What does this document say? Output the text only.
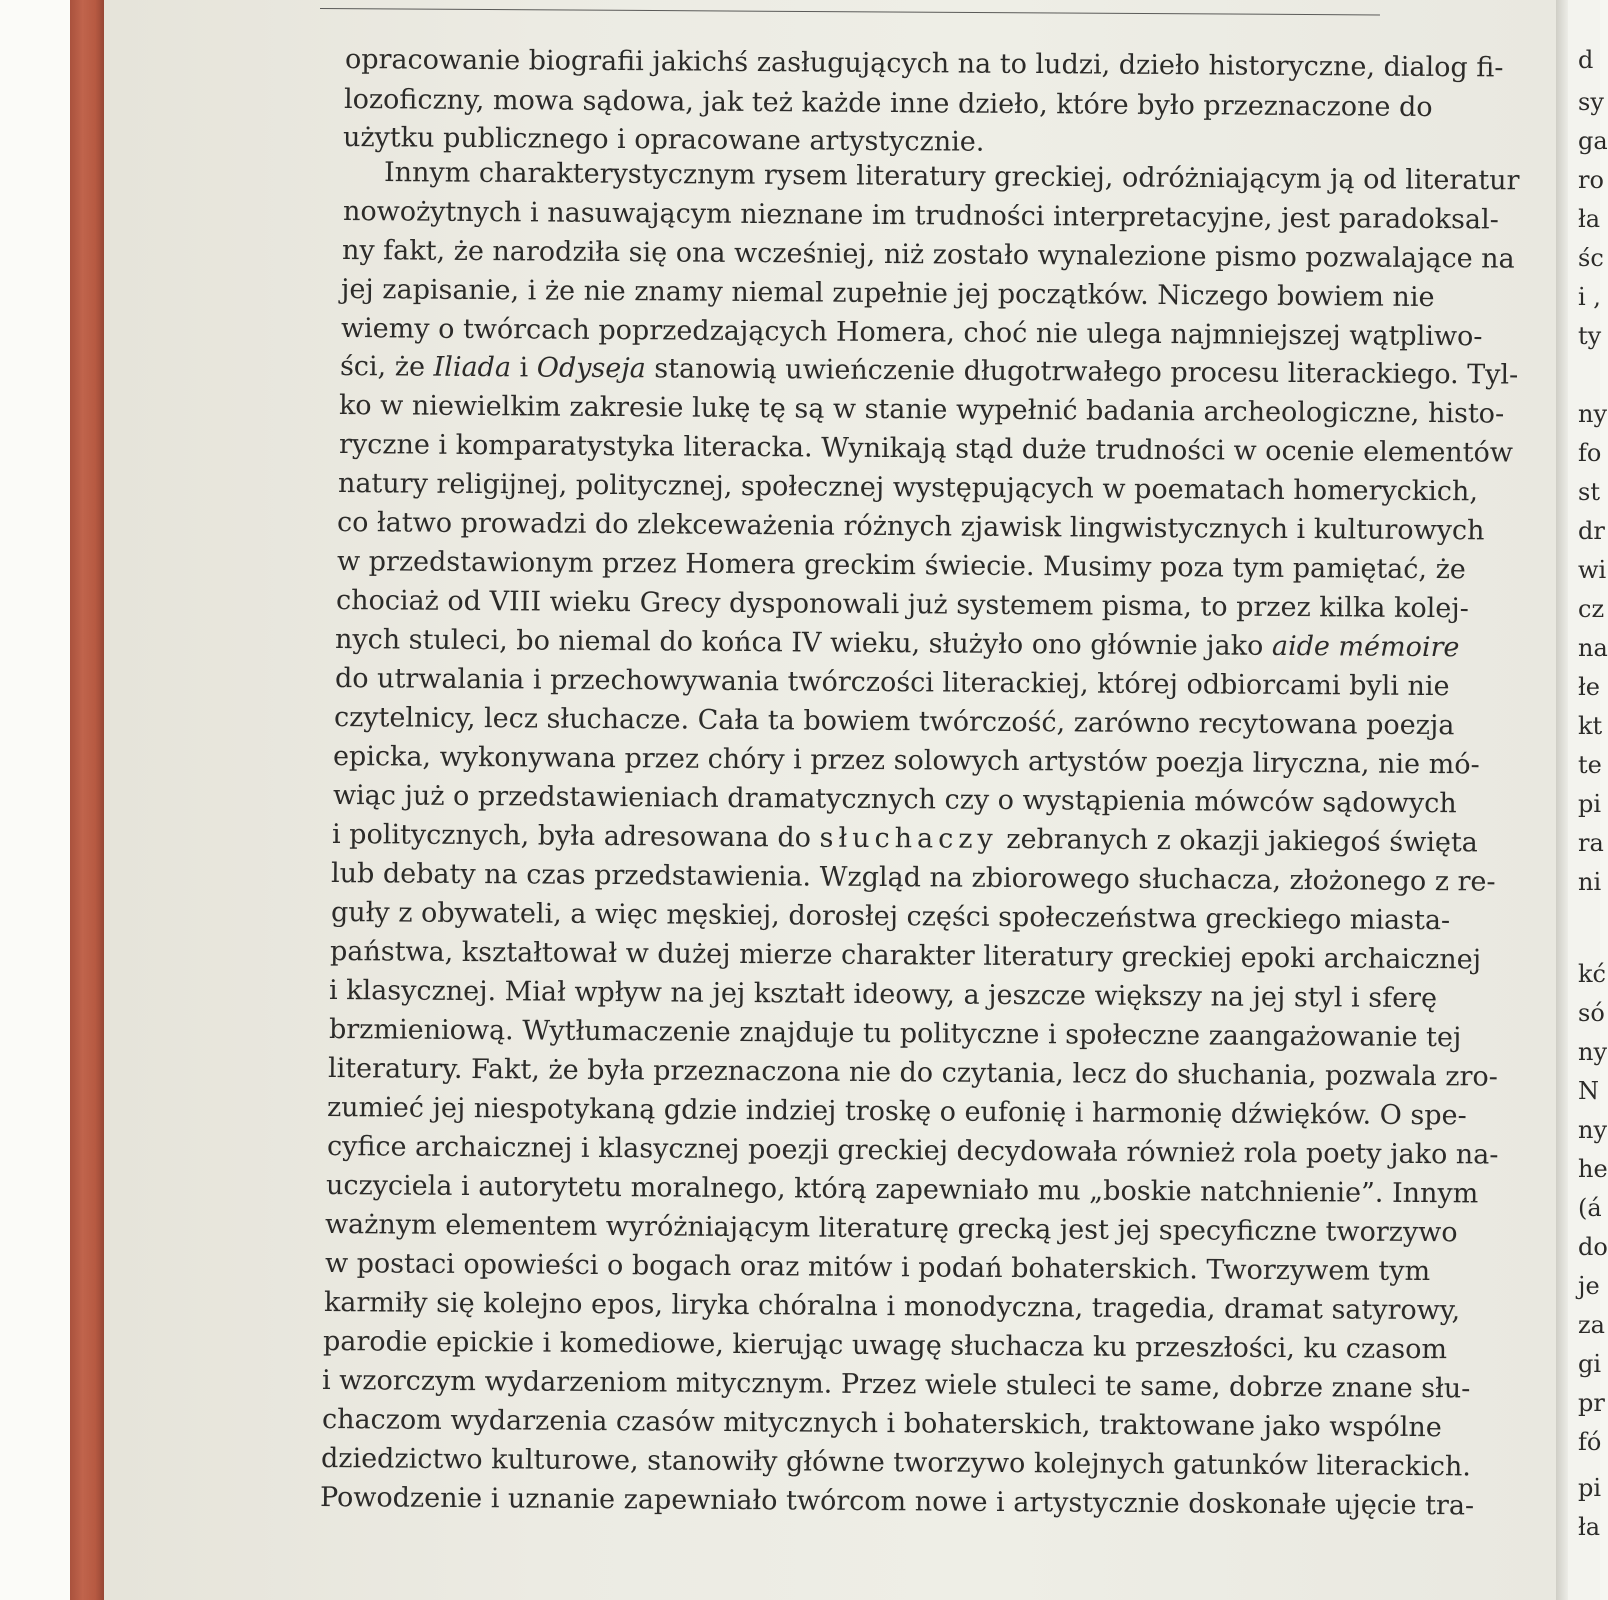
opracowanie biografii jakichś zasługujących na to ludzi, dzieło historyczne, dialog fi-
lozoficzny, mowa sądowa, jak też każde inne dzieło, które było przeznaczone do
użytku publicznego i opracowane artystycznie.
Innym charakterystycznym rysem literatury greckiej, odróżniającym ją od literatur
nowożytnych i nasuwającym nieznane im trudności interpretacyjne, jest paradoksal-
ny fakt, że narodziła się ona wcześniej, niż zostało wynalezione pismo pozwalające na
jej zapisanie, i że nie znamy niemal zupełnie jej początków. Niczego bowiem nie
wiemy o twórcach poprzedzających Homera, choć nie ulega najmniejszej wątpliwo-
ści, że Iliada i Odyseja stanowią uwieńczenie długotrwałego procesu literackiego. Tyl-
ko w niewielkim zakresie lukę tę są w stanie wypełnić badania archeologiczne, histo-
ryczne i komparatystyka literacka. Wynikają stąd duże trudności w ocenie elementów
natury religijnej, politycznej, społecznej występujących w poematach homeryckich,
co łatwo prowadzi do zlekceważenia różnych zjawisk lingwistycznych i kulturowych
w przedstawionym przez Homera greckim świecie. Musimy poza tym pamiętać, że
chociaż od VIII wieku Grecy dysponowali już systemem pisma, to przez kilka kolej-
nych stuleci, bo niemal do końca IV wieku, służyło ono głównie jako aide mémoire
do utrwalania i przechowywania twórczości literackiej, której odbiorcami byli nie
czytelnicy, lecz słuchacze. Cała ta bowiem twórczość, zarówno recytowana poezja
epicka, wykonywana przez chóry i przez solowych artystów poezja liryczna, nie mó-
wiąc już o przedstawieniach dramatycznych czy o wystąpienia mówców sądowych
i politycznych, była adresowana do słuchaczy zebranych z okazji jakiegoś święta
lub debaty na czas przedstawienia. Wzgląd na zbiorowego słuchacza, złożonego z re-
guły z obywateli, a więc męskiej, dorosłej części społeczeństwa greckiego miasta-
państwa, kształtował w dużej mierze charakter literatury greckiej epoki archaicznej
i klasycznej. Miał wpływ na jej kształt ideowy, a jeszcze większy na jej styl i sferę
brzmieniową. Wytłumaczenie znajduje tu polityczne i społeczne zaangażowanie tej
literatury. Fakt, że była przeznaczona nie do czytania, lecz do słuchania, pozwala zro-
zumieć jej niespotykaną gdzie indziej troskę o eufonię i harmonię dźwięków. O spe-
cyfice archaicznej i klasycznej poezji greckiej decydowała również rola poety jako na-
uczyciela i autorytetu moralnego, którą zapewniało mu „boskie natchnienie”. Innym
ważnym elementem wyróżniającym literaturę grecką jest jej specyficzne tworzywo
w postaci opowieści o bogach oraz mitów i podań bohaterskich. Tworzywem tym
karmiły się kolejno epos, liryka chóralna i monodyczna, tragedia, dramat satyrowy,
parodie epickie i komediowe, kierując uwagę słuchacza ku przeszłości, ku czasom
i wzorczym wydarzeniom mitycznym. Przez wiele stuleci te same, dobrze znane słu-
chaczom wydarzenia czasów mitycznych i bohaterskich, traktowane jako wspólne
dziedzictwo kulturowe, stanowiły główne tworzywo kolejnych gatunków literackich.
Powodzenie i uznanie zapewniało twórcom nowe i artystycznie doskonałe ujęcie tra-
d
sy
ga
ro
ła
śc
i ,
ty
ny
fo
st
dr
wi
cz
na
łe
kt
te
pi
ra
ni
kć
só
ny
N
ny
he
(á
do
je
za
gi
pr
fó
pi
ła
